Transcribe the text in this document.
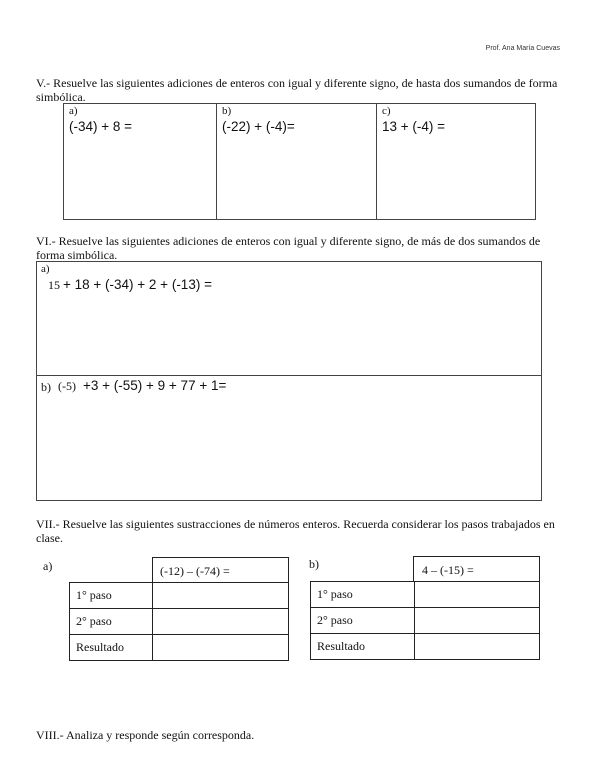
Prof. Ana María Cuevas
V.- Resuelve las siguientes adiciones de enteros con igual y diferente signo, de hasta dos sumandos de forma simbólica.
a)
(-34) + 8 =
b)
(-22) + (-4)=
c)
13 + (-4) =
VI.- Resuelve las siguientes adiciones de enteros con igual y diferente signo, de más de dos sumandos de forma simbólica.
a)
15 + 18 + (-34) + 2 + (-13) =
b) (-5) +3 + (-55) + 9 + 77 + 1=
VII.- Resuelve las siguientes sustracciones de números enteros. Recuerda considerar los pasos trabajados en clase.
a)	(-12) – (-74) =
1° paso	
2° paso	
Resultado	
b)	4 – (-15) =
1° paso	
2° paso	
Resultado	
VIII.- Analiza y responde según corresponda.
